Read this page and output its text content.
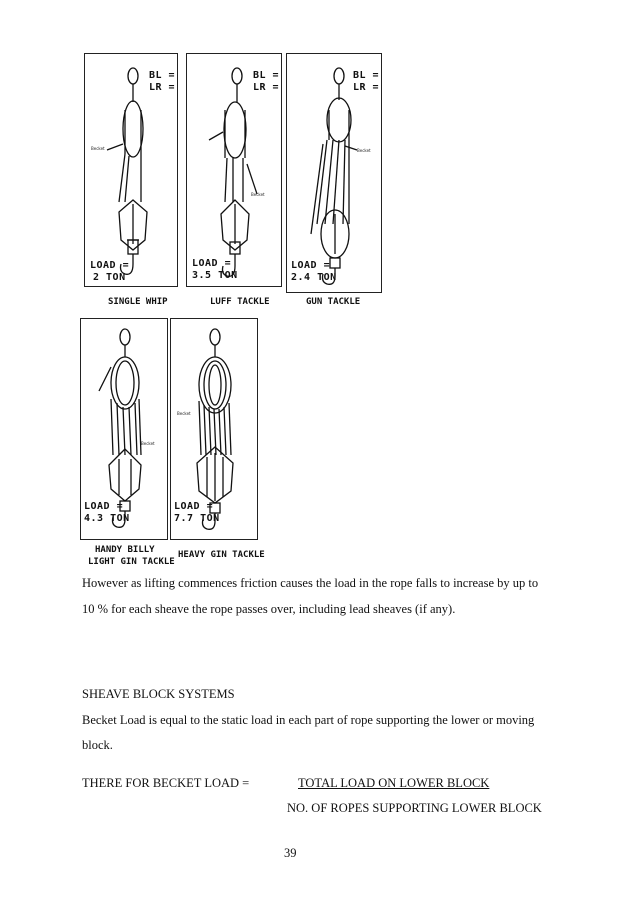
BL =
LR =
Becket
LOAD =
2 TON
SINGLE WHIP
BL =
LR =
Becket
LOAD =
3.5 TON
LUFF TACKLE
BL =
LR =
Becket
LOAD =
2.4 TON
GUN TACKLE
Becket
LOAD =
4.3 TON
HANDY BILLY
LIGHT GIN TACKLE
Becket
LOAD =
7.7 TON
HEAVY GIN TACKLE
However as lifting commences friction causes the load in the rope falls to increase by up to
10 % for each sheave the rope passes over, including lead sheaves (if any).
SHEAVE BLOCK SYSTEMS
Becket Load is equal to the static load in each part of rope supporting the lower or moving
block.
THERE FOR BECKET LOAD =	TOTAL LOAD ON LOWER BLOCK
NO. OF ROPES SUPPORTING LOWER BLOCK
39
